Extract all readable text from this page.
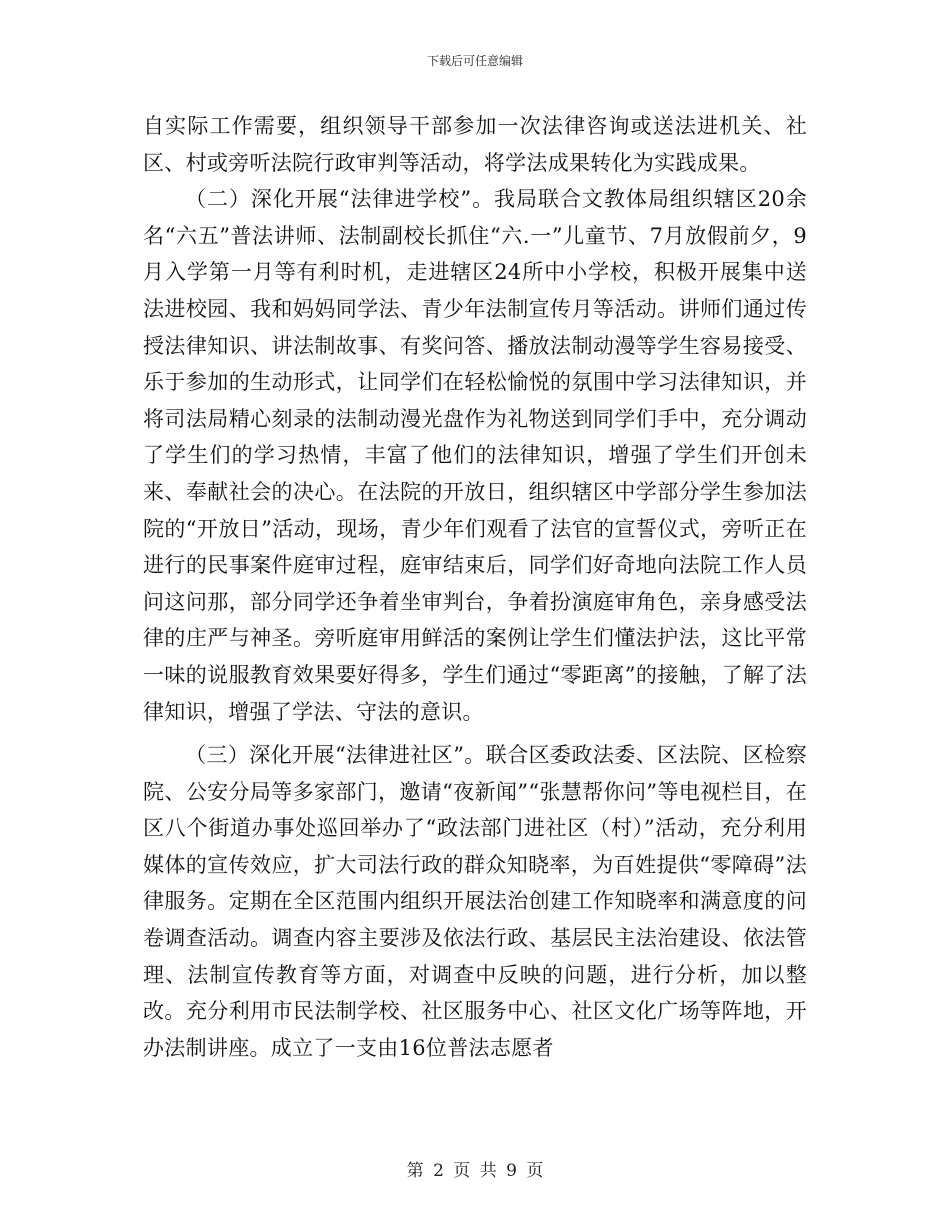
下载后可任意编辑

自实际工作需要，组织领导干部参加一次法律咨询或送法进机关、社区、村或旁听法院行政审判等活动，将学法成果转化为实践成果。

（二）深化开展“法律进学校”。我局联合文教体局组织辖区20余名“六五”普法讲师、法制副校长抓住“六.一”儿童节、7月放假前夕，9月入学第一月等有利时机，走进辖区24所中小学校，积极开展集中送法进校园、我和妈妈同学法、青少年法制宣传月等活动。讲师们通过传授法律知识、讲法制故事、有奖问答、播放法制动漫等学生容易接受、乐于参加的生动形式，让同学们在轻松愉悦的氛围中学习法律知识，并将司法局精心刻录的法制动漫光盘作为礼物送到同学们手中，充分调动了学生们的学习热情，丰富了他们的法律知识，增强了学生们开创未来、奉献社会的决心。在法院的开放日，组织辖区中学部分学生参加法院的“开放日”活动，现场，青少年们观看了法官的宣誓仪式，旁听正在进行的民事案件庭审过程，庭审结束后，同学们好奇地向法院工作人员问这问那，部分同学还争着坐审判台，争着扮演庭审角色，亲身感受法律的庄严与神圣。旁听庭审用鲜活的案例让学生们懂法护法，这比平常一味的说服教育效果要好得多，学生们通过“零距离”的接触，了解了法律知识，增强了学法、守法的意识。

（三）深化开展“法律进社区”。联合区委政法委、区法院、区检察院、公安分局等多家部门，邀请“夜新闻”“张慧帮你问”等电视栏目，在区八个街道办事处巡回举办了“政法部门进社区（村）”活动，充分利用媒体的宣传效应，扩大司法行政的群众知晓率，为百姓提供“零障碍”法律服务。定期在全区范围内组织开展法治创建工作知晓率和满意度的问卷调查活动。调查内容主要涉及依法行政、基层民主法治建设、依法管理、法制宣传教育等方面，对调查中反映的问题，进行分析，加以整改。充分利用市民法制学校、社区服务中心、社区文化广场等阵地，开办法制讲座。成立了一支由16位普法志愿者

第 2 页 共 9 页
